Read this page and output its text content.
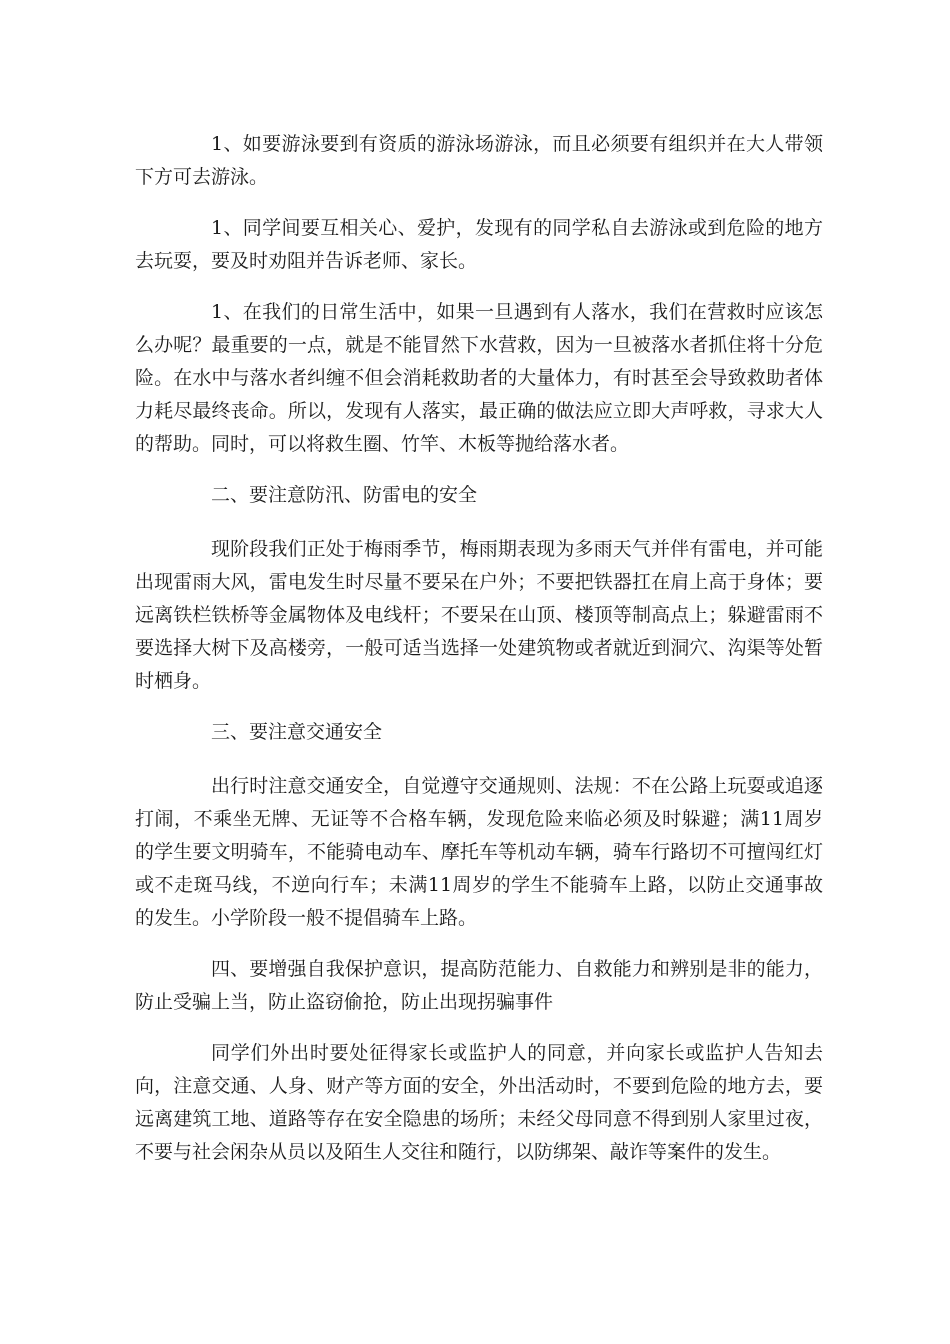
1、如要游泳要到有资质的游泳场游泳，而且必须要有组织并在大人带领下方可去游泳。

1、同学间要互相关心、爱护，发现有的同学私自去游泳或到危险的地方去玩耍，要及时劝阻并告诉老师、家长。

1、在我们的日常生活中，如果一旦遇到有人落水，我们在营救时应该怎么办呢？最重要的一点，就是不能冒然下水营救，因为一旦被落水者抓住将十分危险。在水中与落水者纠缠不但会消耗救助者的大量体力，有时甚至会导致救助者体力耗尽最终丧命。所以，发现有人落实，最正确的做法应立即大声呼救，寻求大人的帮助。同时，可以将救生圈、竹竿、木板等抛给落水者。

二、要注意防汛、防雷电的安全

现阶段我们正处于梅雨季节，梅雨期表现为多雨天气并伴有雷电，并可能出现雷雨大风，雷电发生时尽量不要呆在户外；不要把铁器扛在肩上高于身体；要远离铁栏铁桥等金属物体及电线杆；不要呆在山顶、楼顶等制高点上；躲避雷雨不要选择大树下及高楼旁，一般可适当选择一处建筑物或者就近到洞穴、沟渠等处暂时栖身。

三、要注意交通安全

出行时注意交通安全，自觉遵守交通规则、法规：不在公路上玩耍或追逐打闹，不乘坐无牌、无证等不合格车辆，发现危险来临必须及时躲避；满11周岁的学生要文明骑车，不能骑电动车、摩托车等机动车辆，骑车行路切不可擅闯红灯或不走斑马线，不逆向行车；未满11周岁的学生不能骑车上路，以防止交通事故的发生。小学阶段一般不提倡骑车上路。

四、要增强自我保护意识，提高防范能力、自救能力和辨别是非的能力，防止受骗上当，防止盗窃偷抢，防止出现拐骗事件

同学们外出时要处征得家长或监护人的同意，并向家长或监护人告知去向，注意交通、人身、财产等方面的安全，外出活动时，不要到危险的地方去，要远离建筑工地、道路等存在安全隐患的场所；未经父母同意不得到别人家里过夜，不要与社会闲杂从员以及陌生人交往和随行，以防绑架、敲诈等案件的发生。
